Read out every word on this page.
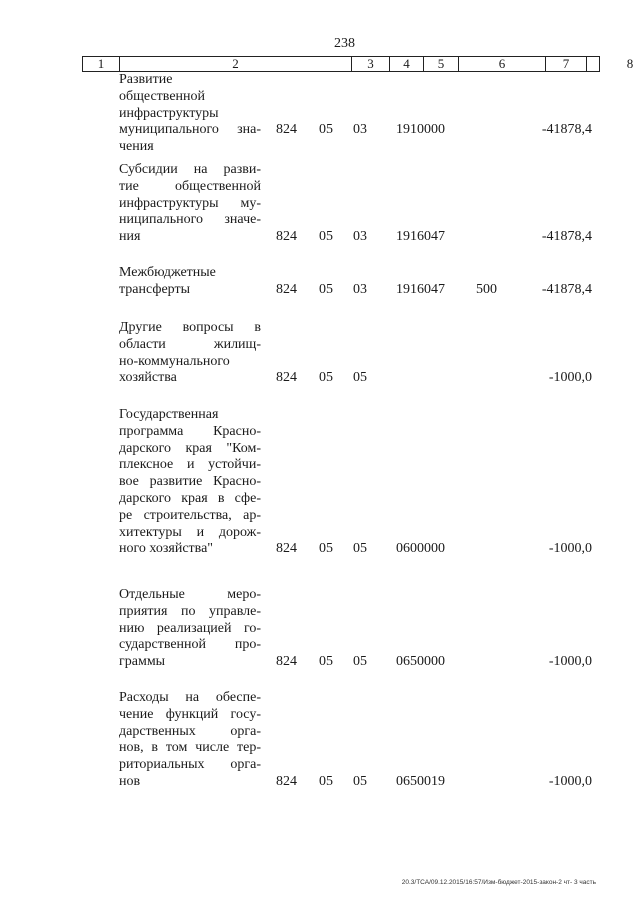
238
1	2	3	4	5	6	7	8
Развитие общественной
инфраструктуры
муниципального зна-
чения
824 05 03 1910000	-41878,4
Субсидии на разви-
тие общественной
инфраструктуры му-
ниципального значе-
ния	824 05 03 1916047	-41878,4
Межбюджетные
трансферты	824 05 03 1916047 500	-41878,4
Другие вопросы в
области жилищ-
но-коммунального
хозяйства	824 05 05	-1000,0
Государственная
программа Красно-
дарского края "Ком-
плексное и устойчи-
вое развитие Красно-
дарского края в сфе-
ре строительства, ар-
хитектуры и дорож-
ного хозяйства"	824 05 05 0600000	-1000,0
Отдельные меро-
приятия по управле-
нию реализацией го-
сударственной про-
граммы	824 05 05 0650000	-1000,0
Расходы на обеспе-
чение функций госу-
дарственных орга-
нов, в том числе тер-
риториальных орга-
нов	824 05 05 0650019	-1000,0
20.3/ТСА/09.12.2015/16:57/Изм-бюджет-2015-закон-2 чт- 3 часть
